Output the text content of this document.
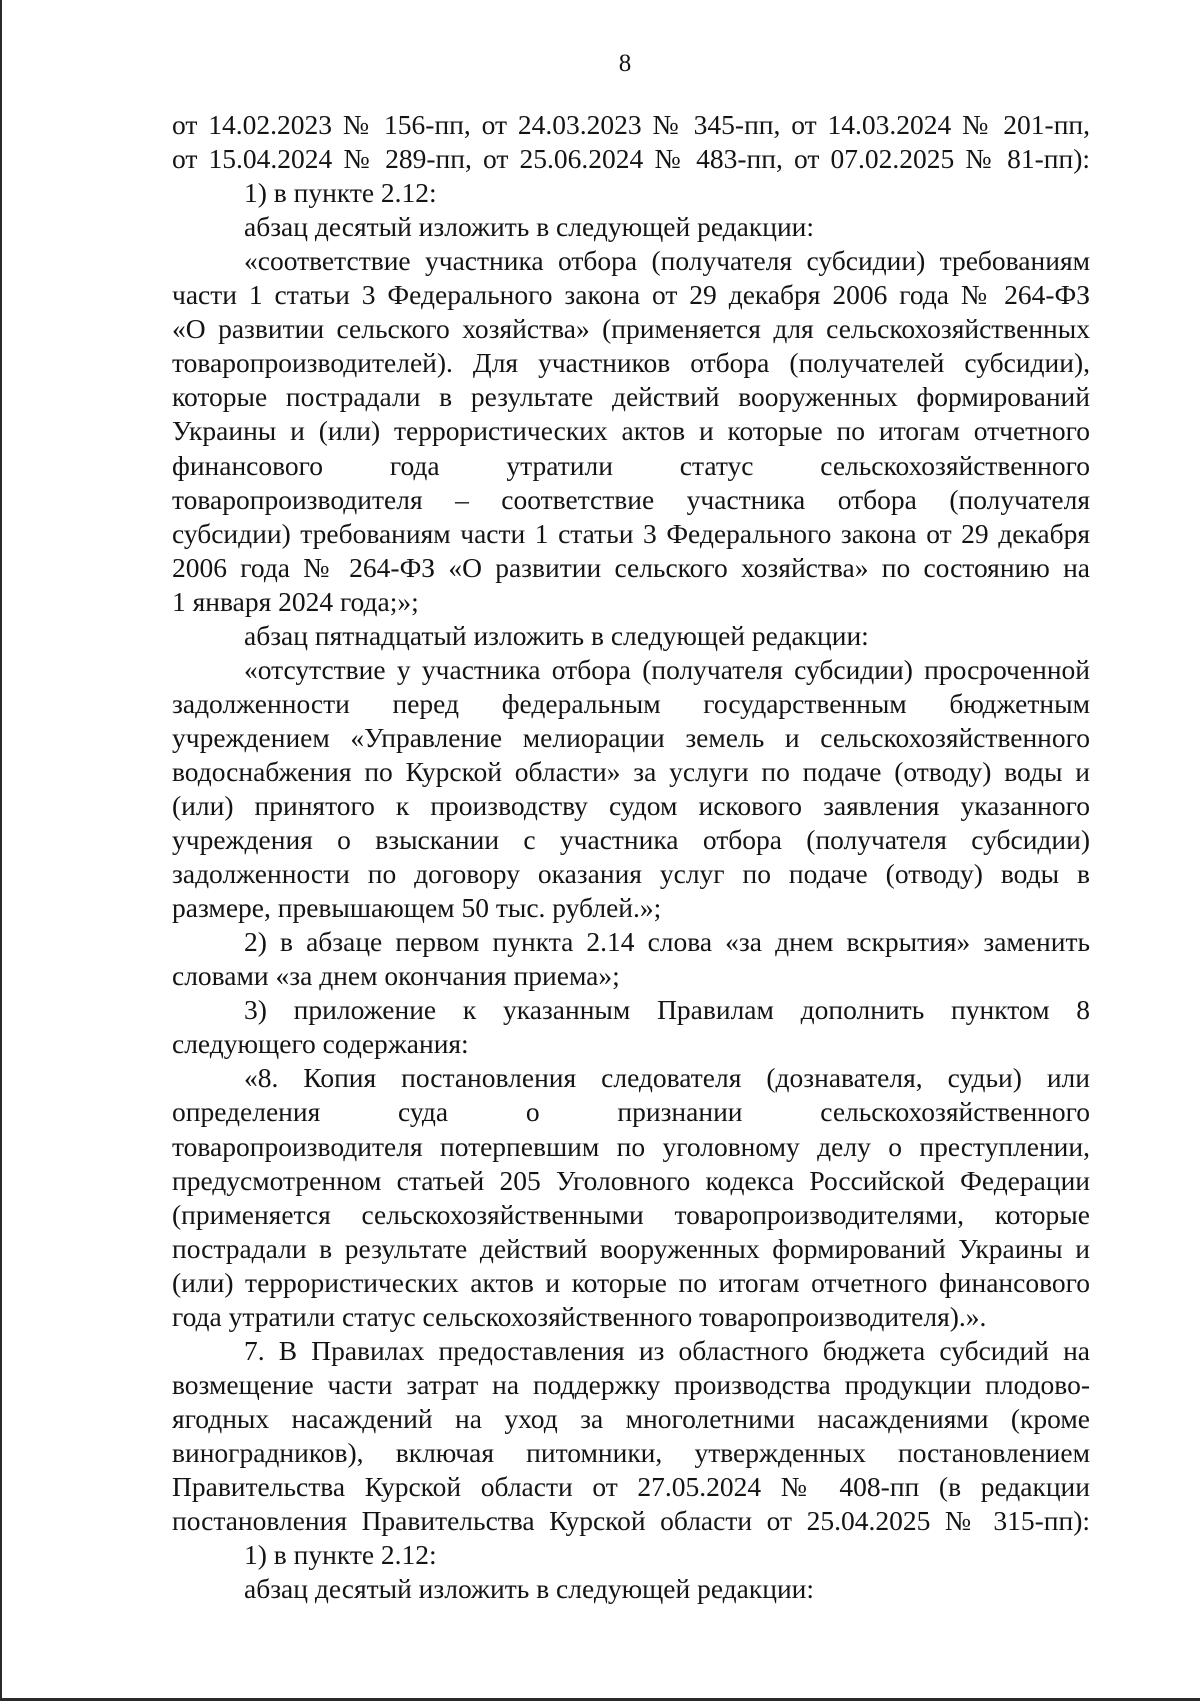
8
от 14.02.2023 № 156-пп, от 24.03.2023 № 345-пп, от 14.03.2024 № 201-пп,
от 15.04.2024 № 289-пп, от 25.06.2024 № 483-пп, от 07.02.2025 № 81-пп):
1) в пункте 2.12:
абзац десятый изложить в следующей редакции:
«соответствие участника отбора (получателя субсидии) требованиям
части 1 статьи 3 Федерального закона от 29 декабря 2006 года № 264-ФЗ
«О развитии сельского хозяйства» (применяется для сельскохозяйственных
товаропроизводителей). Для участников отбора (получателей субсидии),
которые пострадали в результате действий вооруженных формирований
Украины и (или) террористических актов и которые по итогам отчетного
финансового года утратили статус сельскохозяйственного
товаропроизводителя – соответствие участника отбора (получателя
субсидии) требованиям части 1 статьи 3 Федерального закона от 29 декабря
2006 года № 264-ФЗ «О развитии сельского хозяйства» по состоянию на
1 января 2024 года;»;
абзац пятнадцатый изложить в следующей редакции:
«отсутствие у участника отбора (получателя субсидии) просроченной
задолженности перед федеральным государственным бюджетным
учреждением «Управление мелиорации земель и сельскохозяйственного
водоснабжения по Курской области» за услуги по подаче (отводу) воды и
(или) принятого к производству судом искового заявления указанного
учреждения о взыскании с участника отбора (получателя субсидии)
задолженности по договору оказания услуг по подаче (отводу) воды в
размере, превышающем 50 тыс. рублей.»;
2) в абзаце первом пункта 2.14 слова «за днем вскрытия» заменить
словами «за днем окончания приема»;
3) приложение к указанным Правилам дополнить пунктом 8
следующего содержания:
«8. Копия постановления следователя (дознавателя, судьи) или
определения суда о признании сельскохозяйственного
товаропроизводителя потерпевшим по уголовному делу о преступлении,
предусмотренном статьей 205 Уголовного кодекса Российской Федерации
(применяется сельскохозяйственными товаропроизводителями, которые
пострадали в результате действий вооруженных формирований Украины и
(или) террористических актов и которые по итогам отчетного финансового
года утратили статус сельскохозяйственного товаропроизводителя).».
7. В Правилах предоставления из областного бюджета субсидий на
возмещение части затрат на поддержку производства продукции плодово-
ягодных насаждений на уход за многолетними насаждениями (кроме
виноградников), включая питомники, утвержденных постановлением
Правительства Курской области от 27.05.2024 № 408-пп (в редакции
постановления Правительства Курской области от 25.04.2025 № 315-пп):
1) в пункте 2.12:
абзац десятый изложить в следующей редакции:
